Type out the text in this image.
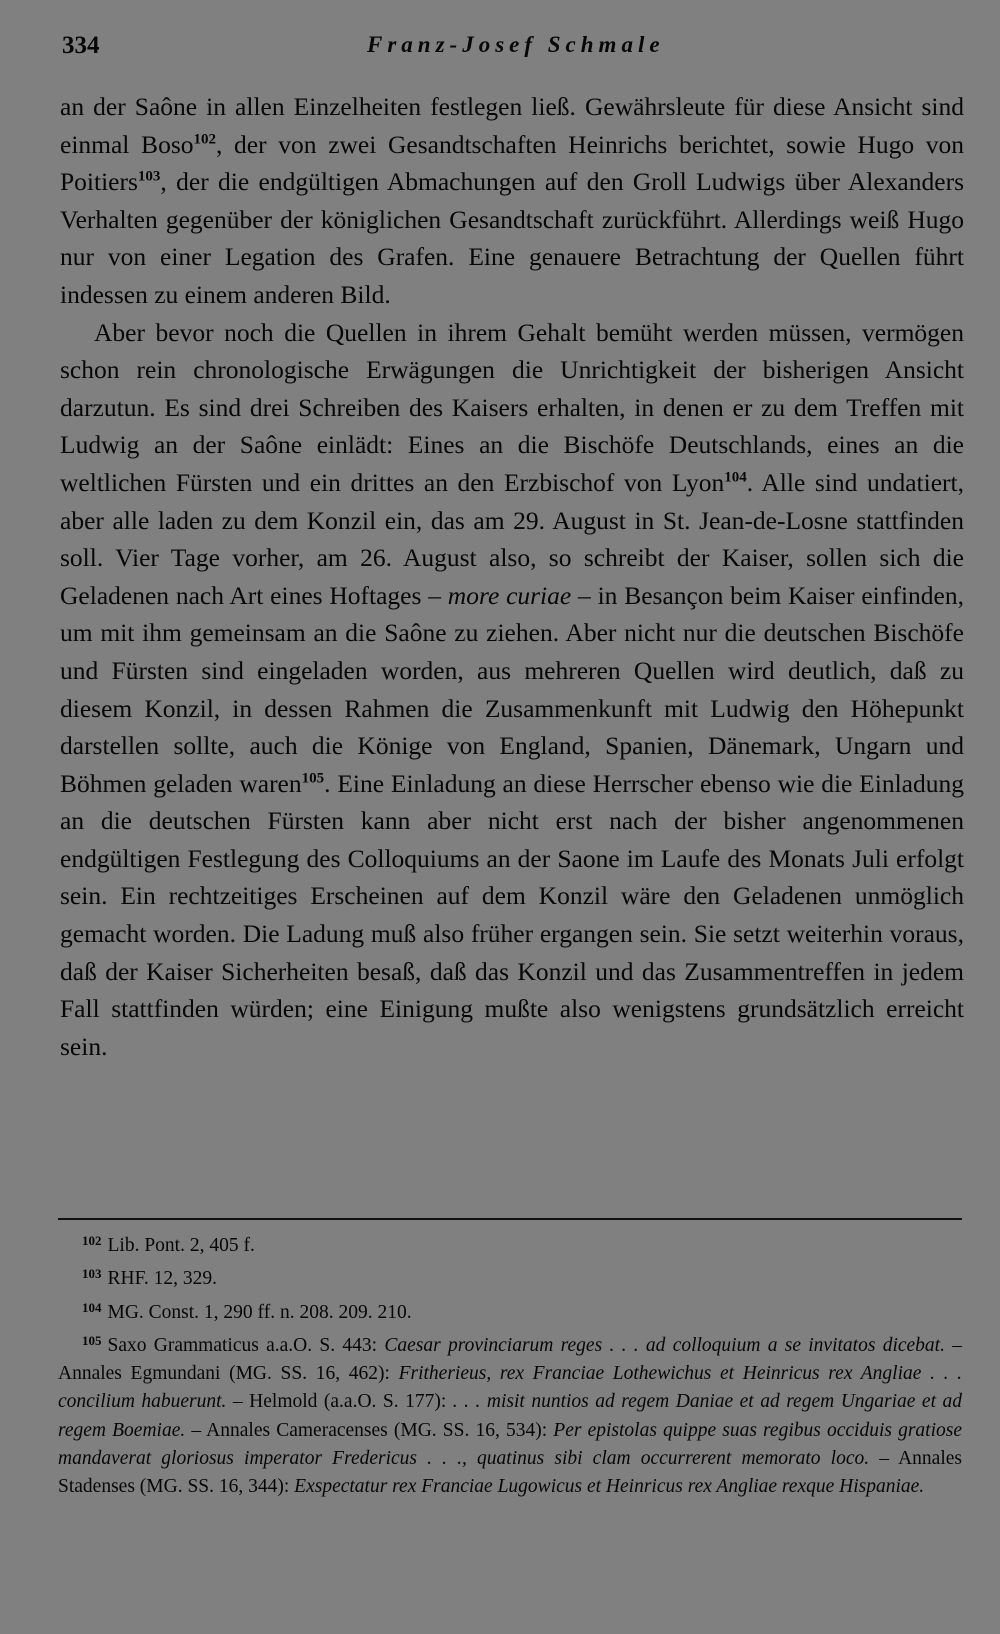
334	Franz-Josef Schmale

an der Saône in allen Einzelheiten festlegen ließ. Gewährsleute für diese Ansicht sind einmal Boso$^{102}$, der von zwei Gesandtschaften Heinrichs berichtet, sowie Hugo von Poitiers$^{103}$, der die endgültigen Abmachungen auf den Groll Ludwigs über Alexanders Verhalten gegenüber der königlichen Gesandtschaft zurückführt. Allerdings weiß Hugo nur von einer Legation des Grafen. Eine genauere Betrachtung der Quellen führt indessen zu einem anderen Bild.

Aber bevor noch die Quellen in ihrem Gehalt bemüht werden müssen, vermögen schon rein chronologische Erwägungen die Unrichtigkeit der bisherigen Ansicht darzutun. Es sind drei Schreiben des Kaisers erhalten, in denen er zu dem Treffen mit Ludwig an der Saône einlädt: Eines an die Bischöfe Deutschlands, eines an die weltlichen Fürsten und ein drittes an den Erzbischof von Lyon$^{104}$. Alle sind undatiert, aber alle laden zu dem Konzil ein, das am 29. August in St. Jean-de-Losne stattfinden soll. Vier Tage vorher, am 26. August also, so schreibt der Kaiser, sollen sich die Geladenen nach Art eines Hoftages – more curiae – in Besançon beim Kaiser einfinden, um mit ihm gemeinsam an die Saône zu ziehen. Aber nicht nur die deutschen Bischöfe und Fürsten sind eingeladen worden, aus mehreren Quellen wird deutlich, daß zu diesem Konzil, in dessen Rahmen die Zusammenkunft mit Ludwig den Höhepunkt darstellen sollte, auch die Könige von England, Spanien, Dänemark, Ungarn und Böhmen geladen waren$^{105}$. Eine Einladung an diese Herrscher ebenso wie die Einladung an die deutschen Fürsten kann aber nicht erst nach der bisher angenommenen endgültigen Festlegung des Colloquiums an der Saone im Laufe des Monats Juli erfolgt sein. Ein rechtzeitiges Erscheinen auf dem Konzil wäre den Geladenen unmöglich gemacht worden. Die Ladung muß also früher ergangen sein. Sie setzt weiterhin voraus, daß der Kaiser Sicherheiten besaß, daß das Konzil und das Zusammentreffen in jedem Fall stattfinden würden; eine Einigung mußte also wenigstens grundsätzlich erreicht sein.

$^{102}$ Lib. Pont. 2, 405 f.

$^{103}$ RHF. 12, 329.

$^{104}$ MG. Const. 1, 290 ff. n. 208. 209. 210.

$^{105}$ Saxo Grammaticus a.a.O. S. 443: Caesar provinciarum reges . . . ad colloquium a se invitatos dicebat. – Annales Egmundani (MG. SS. 16, 462): Fritherieus, rex Franciae Lothewichus et Heinricus rex Angliae . . . concilium habuerunt. – Helmold (a.a.O. S. 177): . . . misit nuntios ad regem Daniae et ad regem Ungariae et ad regem Boemiae. – Annales Cameracenses (MG. SS. 16, 534): Per epistolas quippe suas regibus occiduis gratiose mandaverat gloriosus imperator Fredericus . . ., quatinus sibi clam occurrerent memorato loco. – Annales Stadenses (MG. SS. 16, 344): Exspectatur rex Franciae Lugowicus et Heinricus rex Angliae rexque Hispaniae.
